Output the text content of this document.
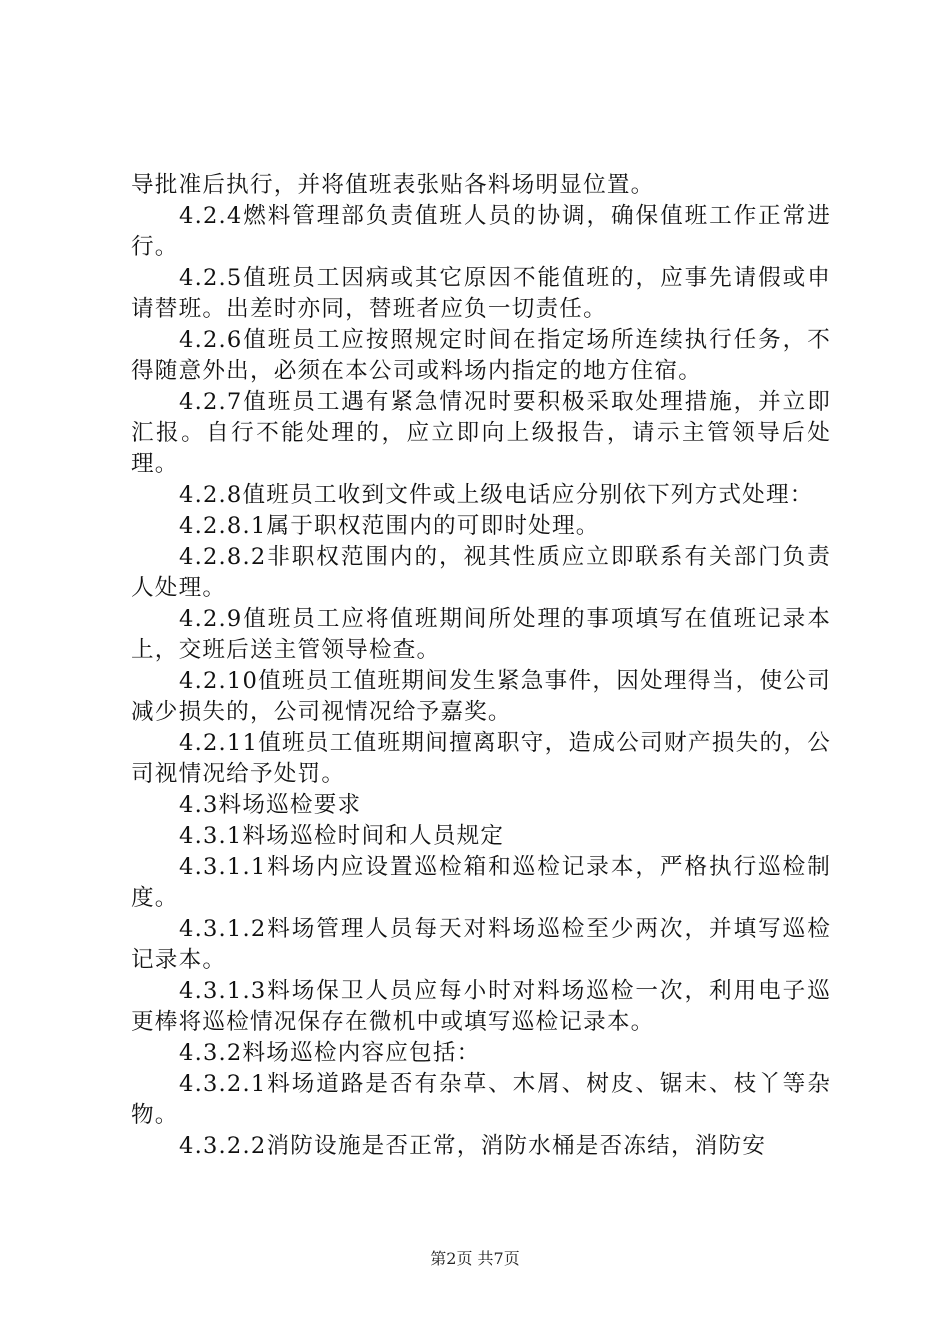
导批准后执行，并将值班表张贴各料场明显位置。

4.2.4燃料管理部负责值班人员的协调，确保值班工作正常进行。

4.2.5值班员工因病或其它原因不能值班的，应事先请假或申请替班。出差时亦同，替班者应负一切责任。

4.2.6值班员工应按照规定时间在指定场所连续执行任务，不得随意外出，必须在本公司或料场内指定的地方住宿。

4.2.7值班员工遇有紧急情况时要积极采取处理措施，并立即汇报。自行不能处理的，应立即向上级报告，请示主管领导后处理。

4.2.8值班员工收到文件或上级电话应分别依下列方式处理：

4.2.8.1属于职权范围内的可即时处理。

4.2.8.2非职权范围内的，视其性质应立即联系有关部门负责人处理。

4.2.9值班员工应将值班期间所处理的事项填写在值班记录本上，交班后送主管领导检查。

4.2.10值班员工值班期间发生紧急事件，因处理得当，使公司减少损失的，公司视情况给予嘉奖。

4.2.11值班员工值班期间擅离职守，造成公司财产损失的，公司视情况给予处罚。

4.3料场巡检要求

4.3.1料场巡检时间和人员规定

4.3.1.1料场内应设置巡检箱和巡检记录本，严格执行巡检制度。

4.3.1.2料场管理人员每天对料场巡检至少两次，并填写巡检记录本。

4.3.1.3料场保卫人员应每小时对料场巡检一次，利用电子巡更棒将巡检情况保存在微机中或填写巡检记录本。

4.3.2料场巡检内容应包括：

4.3.2.1料场道路是否有杂草、木屑、树皮、锯末、枝丫等杂物。

4.3.2.2消防设施是否正常，消防水桶是否冻结，消防安

第2页 共7页
